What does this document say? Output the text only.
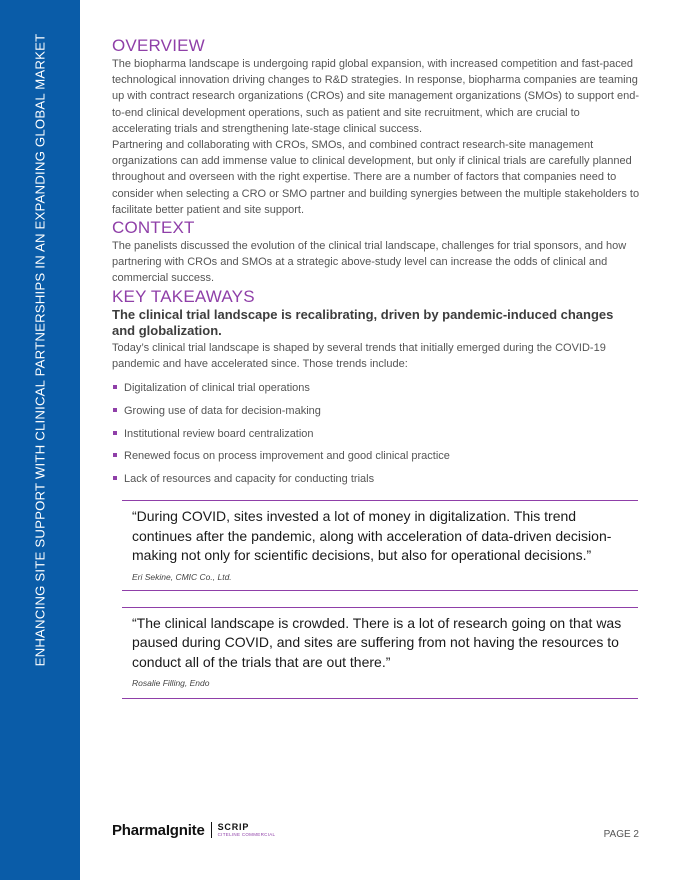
ENHANCING SITE SUPPORT WITH CLINICAL PARTNERSHIPS IN AN EXPANDING GLOBAL MARKET	OVERVIEW

The biopharma landscape is undergoing rapid global expansion, with increased competition and fast-paced technological innovation driving changes to R&D strategies. In response, biopharma companies are teaming up with contract research organizations (CROs) and site management organizations (SMOs) to support end-to-end clinical development operations, such as patient and site recruitment, which are crucial to accelerating trials and strengthening late-stage clinical success.

Partnering and collaborating with CROs, SMOs, and combined contract research-site management organizations can add immense value to clinical development, but only if clinical trials are carefully planned throughout and overseen with the right expertise. There are a number of factors that companies need to consider when selecting a CRO or SMO partner and building synergies between the multiple stakeholders to facilitate better patient and site support.

CONTEXT

The panelists discussed the evolution of the clinical trial landscape, challenges for trial sponsors, and how partnering with CROs and SMOs at a strategic above-study level can increase the odds of clinical and commercial success.

KEY TAKEAWAYS

The clinical trial landscape is recalibrating, driven by pandemic-induced changes and globalization.

Today’s clinical trial landscape is shaped by several trends that initially emerged during the COVID-19 pandemic and have accelerated since. Those trends include:

Digitalization of clinical trial operations
Growing use of data for decision-making
Institutional review board centralization
Renewed focus on process improvement and good clinical practice
Lack of resources and capacity for conducting trials

“During COVID, sites invested a lot of money in digitalization. This trend continues after the pandemic, along with acceleration of data-driven decision-making not only for scientific decisions, but also for operational decisions.”

Eri Sekine, CMIC Co., Ltd.

“The clinical landscape is crowded. There is a lot of research going on that was paused during COVID, and sites are suffering from not having the resources to conduct all of the trials that are out there.”

Rosalie Filling, Endo

PharmaIgnite SCRIP
CITELINE COMMERCIAL	PAGE 2
